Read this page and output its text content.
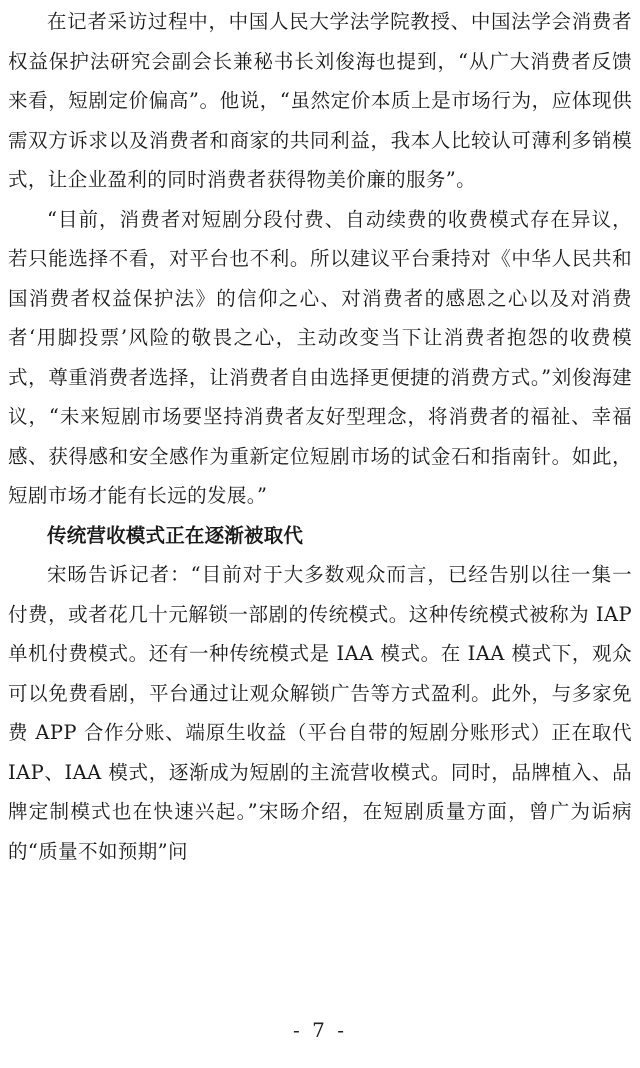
在记者采访过程中，中国人民大学法学院教授、中国法学会消费者权益保护法研究会副会长兼秘书长刘俊海也提到，“从广大消费者反馈来看，短剧定价偏高”。他说，“虽然定价本质上是市场行为，应体现供需双方诉求以及消费者和商家的共同利益，我本人比较认可薄利多销模式，让企业盈利的同时消费者获得物美价廉的服务”。

“目前，消费者对短剧分段付费、自动续费的收费模式存在异议，若只能选择不看，对平台也不利。所以建议平台秉持对《中华人民共和国消费者权益保护法》的信仰之心、对消费者的感恩之心以及对消费者‘用脚投票’风险的敬畏之心，主动改变当下让消费者抱怨的收费模式，尊重消费者选择，让消费者自由选择更便捷的消费方式。”刘俊海建议，“未来短剧市场要坚持消费者友好型理念，将消费者的福祉、幸福感、获得感和安全感作为重新定位短剧市场的试金石和指南针。如此，短剧市场才能有长远的发展。”

传统营收模式正在逐渐被取代

宋旸告诉记者：“目前对于大多数观众而言，已经告别以往一集一付费，或者花几十元解锁一部剧的传统模式。这种传统模式被称为 IAP 单机付费模式。还有一种传统模式是 IAA 模式。在 IAA 模式下，观众可以免费看剧，平台通过让观众解锁广告等方式盈利。此外，与多家免费 APP 合作分账、端原生收益（平台自带的短剧分账形式）正在取代 IAP、IAA 模式，逐渐成为短剧的主流营收模式。同时，品牌植入、品牌定制模式也在快速兴起。”宋旸介绍，在短剧质量方面，曾广为诟病的“质量不如预期”问

- 7 -
